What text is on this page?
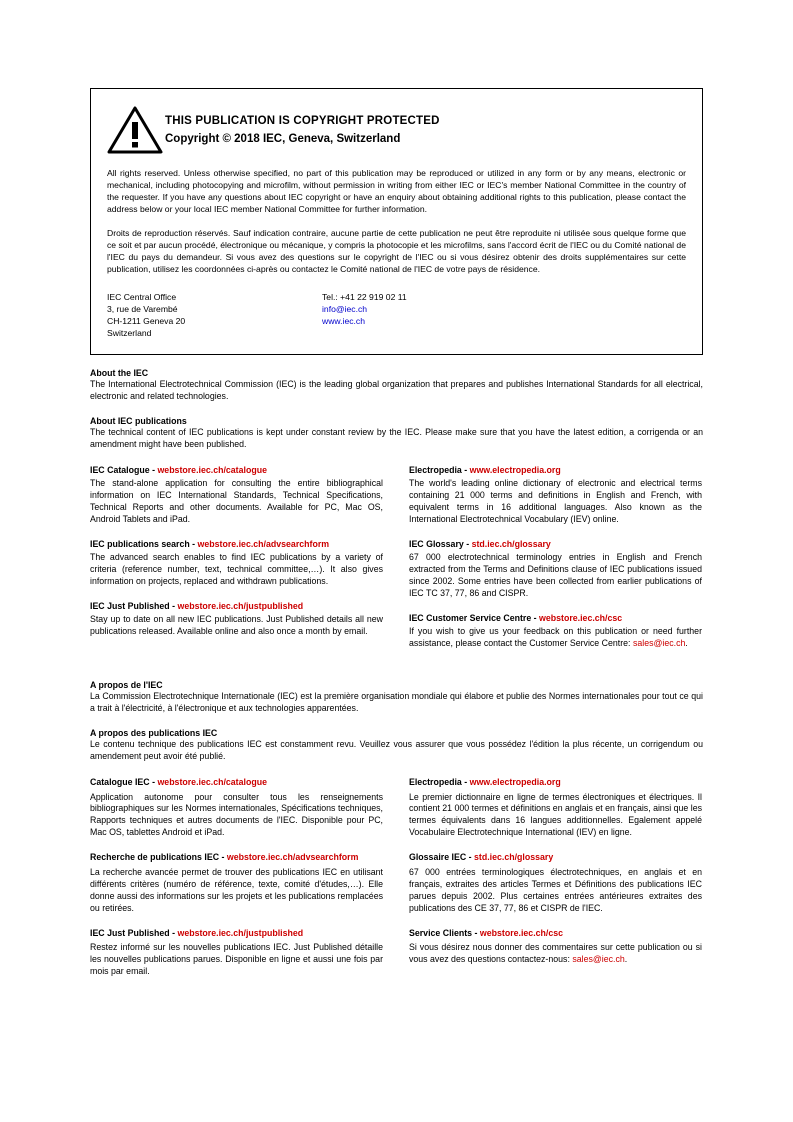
THIS PUBLICATION IS COPYRIGHT PROTECTED
Copyright © 2018 IEC, Geneva, Switzerland
All rights reserved. Unless otherwise specified, no part of this publication may be reproduced or utilized in any form or by any means, electronic or mechanical, including photocopying and microfilm, without permission in writing from either IEC or IEC's member National Committee in the country of the requester. If you have any questions about IEC copyright or have an enquiry about obtaining additional rights to this publication, please contact the address below or your local IEC member National Committee for further information.
Droits de reproduction réservés. Sauf indication contraire, aucune partie de cette publication ne peut être reproduite ni utilisée sous quelque forme que ce soit et par aucun procédé, électronique ou mécanique, y compris la photocopie et les microfilms, sans l'accord écrit de l'IEC ou du Comité national de l'IEC du pays du demandeur. Si vous avez des questions sur le copyright de l'IEC ou si vous désirez obtenir des droits supplémentaires sur cette publication, utilisez les coordonnées ci-après ou contactez le Comité national de l'IEC de votre pays de résidence.
IEC Central Office
3, rue de Varembé
CH-1211 Geneva 20
Switzerland
Tel.: +41 22 919 02 11
info@iec.ch
www.iec.ch
About the IEC

The International Electrotechnical Commission (IEC) is the leading global organization that prepares and publishes International Standards for all electrical, electronic and related technologies.

About IEC publications

The technical content of IEC publications is kept under constant review by the IEC. Please make sure that you have the latest edition, a corrigenda or an amendment might have been published.

IEC Catalogue - webstore.iec.ch/catalogue

The stand-alone application for consulting the entire bibliographical information on IEC International Standards, Technical Specifications, Technical Reports and other documents. Available for PC, Mac OS, Android Tablets and iPad.

IEC publications search - webstore.iec.ch/advsearchform

The advanced search enables to find IEC publications by a variety of criteria (reference number, text, technical committee,…). It also gives information on projects, replaced and withdrawn publications.

IEC Just Published - webstore.iec.ch/justpublished

Stay up to date on all new IEC publications. Just Published details all new publications released. Available online and also once a month by email.

Electropedia - www.electropedia.org

The world's leading online dictionary of electronic and electrical terms containing 21 000 terms and definitions in English and French, with equivalent terms in 16 additional languages. Also known as the International Electrotechnical Vocabulary (IEV) online.

IEC Glossary - std.iec.ch/glossary

67 000 electrotechnical terminology entries in English and French extracted from the Terms and Definitions clause of IEC publications issued since 2002. Some entries have been collected from earlier publications of IEC TC 37, 77, 86 and CISPR.

IEC Customer Service Centre - webstore.iec.ch/csc

If you wish to give us your feedback on this publication or need further assistance, please contact the Customer Service Centre: sales@iec.ch.

A propos de l'IEC

La Commission Electrotechnique Internationale (IEC) est la première organisation mondiale qui élabore et publie des Normes internationales pour tout ce qui a trait à l'électricité, à l'électronique et aux technologies apparentées.

A propos des publications IEC

Le contenu technique des publications IEC est constamment revu. Veuillez vous assurer que vous possédez l'édition la plus récente, un corrigendum ou amendement peut avoir été publié.

Catalogue IEC - webstore.iec.ch/catalogue

Application autonome pour consulter tous les renseignements bibliographiques sur les Normes internationales, Spécifications techniques, Rapports techniques et autres documents de l'IEC. Disponible pour PC, Mac OS, tablettes Android et iPad.

Recherche de publications IEC - webstore.iec.ch/advsearchform

La recherche avancée permet de trouver des publications IEC en utilisant différents critères (numéro de référence, texte, comité d'études,…). Elle donne aussi des informations sur les projets et les publications remplacées ou retirées.

IEC Just Published - webstore.iec.ch/justpublished

Restez informé sur les nouvelles publications IEC. Just Published détaille les nouvelles publications parues. Disponible en ligne et aussi une fois par mois par email.

Electropedia - www.electropedia.org

Le premier dictionnaire en ligne de termes électroniques et électriques. Il contient 21 000 termes et définitions en anglais et en français, ainsi que les termes équivalents dans 16 langues additionnelles. Egalement appelé Vocabulaire Electrotechnique International (IEV) en ligne.

Glossaire IEC - std.iec.ch/glossary

67 000 entrées terminologiques électrotechniques, en anglais et en français, extraites des articles Termes et Définitions des publications IEC parues depuis 2002. Plus certaines entrées antérieures extraites des publications des CE 37, 77, 86 et CISPR de l'IEC.

Service Clients - webstore.iec.ch/csc

Si vous désirez nous donner des commentaires sur cette publication ou si vous avez des questions contactez-nous: sales@iec.ch.
